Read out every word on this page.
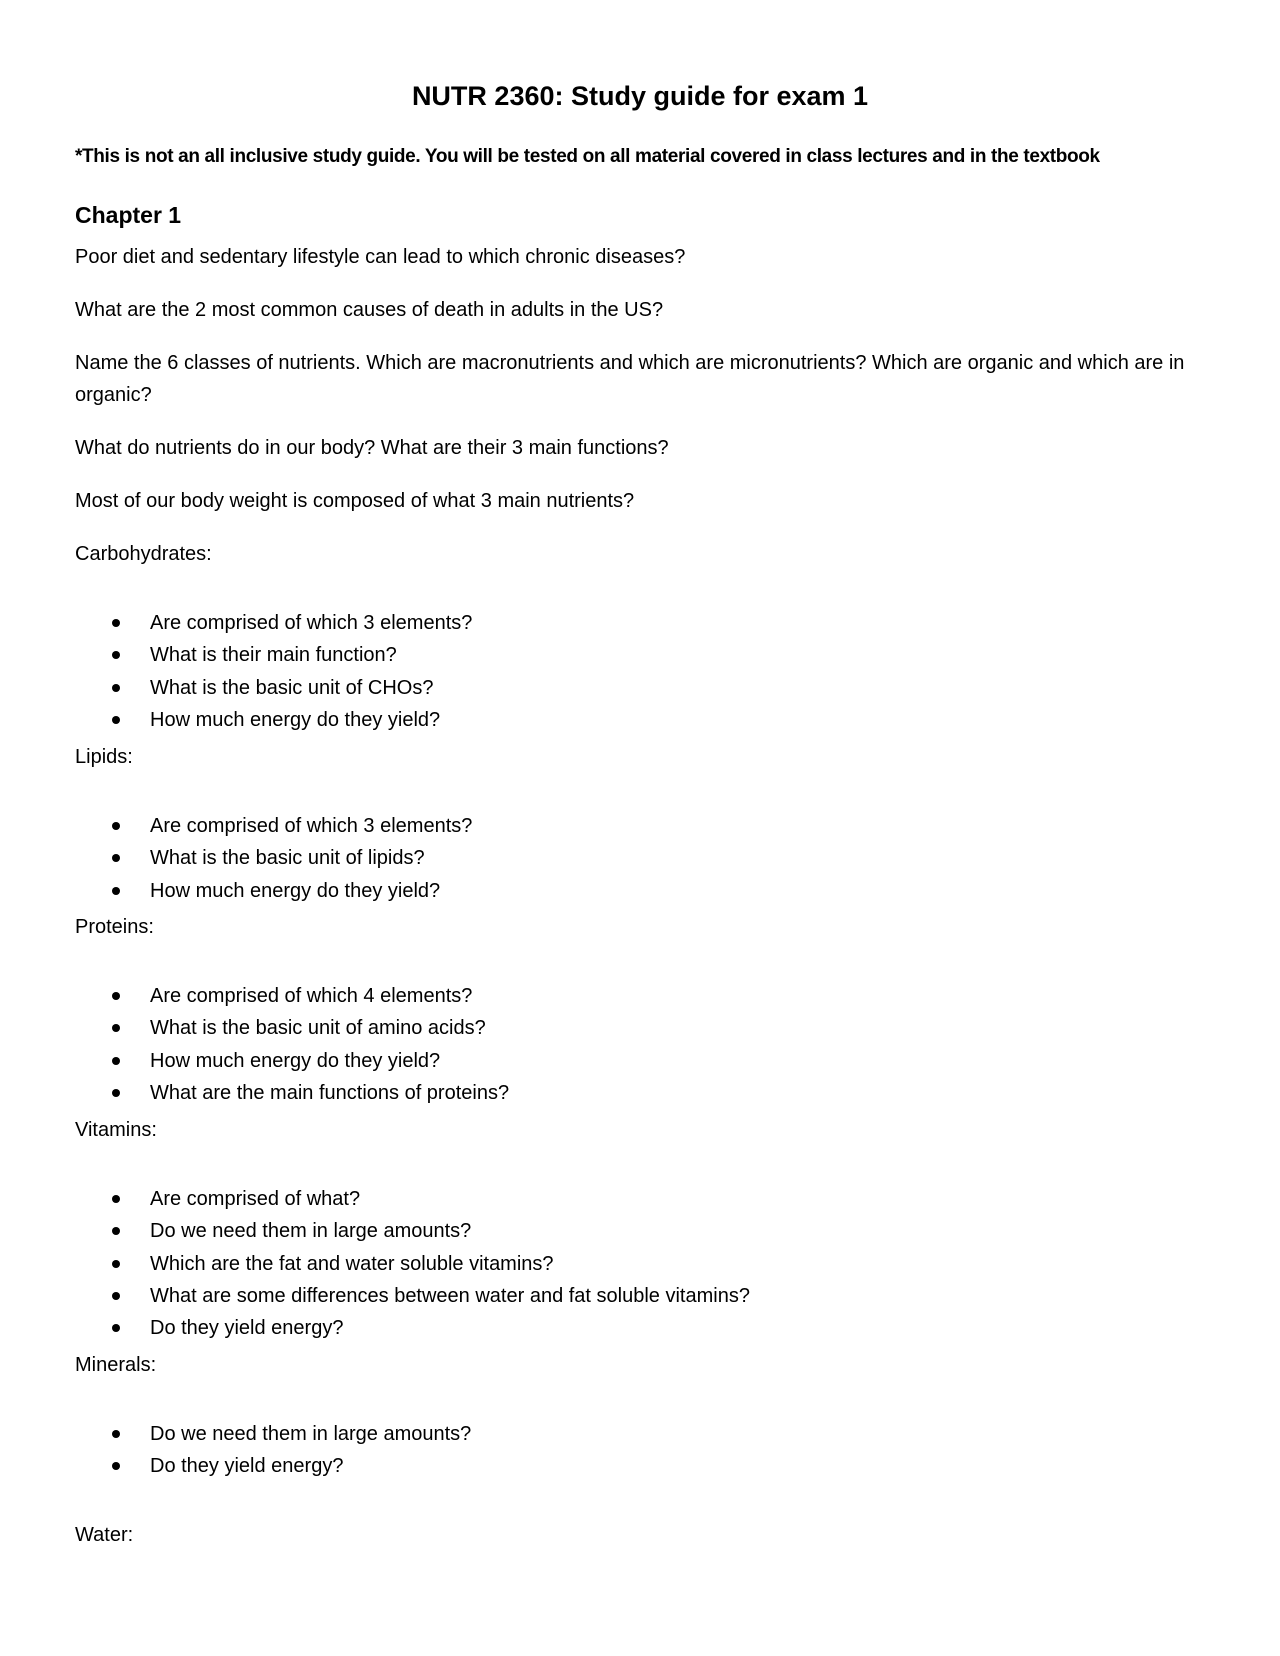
NUTR 2360: Study guide for exam 1

*This is not an all inclusive study guide. You will be tested on all material covered in class lectures and in the textbook

Chapter 1

Poor diet and sedentary lifestyle can lead to which chronic diseases?

What are the 2 most common causes of death in adults in the US?

Name the 6 classes of nutrients. Which are macronutrients and which are micronutrients? Which are organic and which are in organic?

What do nutrients do in our body? What are their 3 main functions?

Most of our body weight is composed of what 3 main nutrients?

Carbohydrates:

Are comprised of which 3 elements?
What is their main function?
What is the basic unit of CHOs?
How much energy do they yield?

Lipids:

Are comprised of which 3 elements?
What is the basic unit of lipids?
How much energy do they yield?

Proteins:

Are comprised of which 4 elements?
What is the basic unit of amino acids?
How much energy do they yield?
What are the main functions of proteins?

Vitamins:

Are comprised of what?
Do we need them in large amounts?
Which are the fat and water soluble vitamins?
What are some differences between water and fat soluble vitamins?
Do they yield energy?

Minerals:

Do we need them in large amounts?
Do they yield energy?

Water:
